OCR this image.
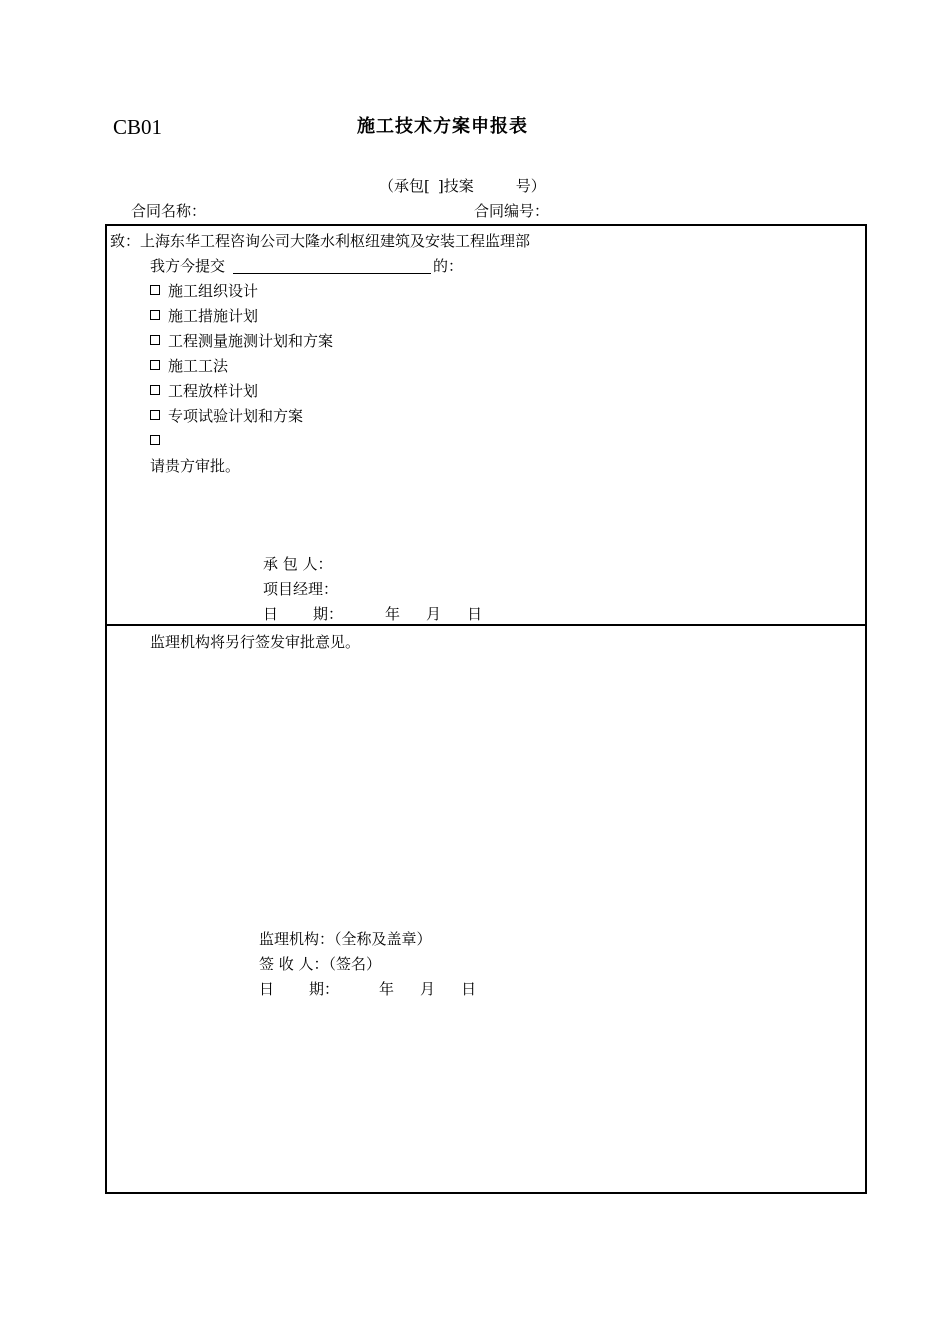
CB01	施工技术方案申报表
（承包[ ]技案	号）
合同名称：	合同编号：
致：上海东华工程咨询公司大隆水利枢纽建筑及安装工程监理部
我方今提交	的：
施工组织设计
施工措施计划
工程测量施测计划和方案
施工工法
工程放样计划
专项试验计划和方案
请贵方审批。
承 包 人：
项目经理：
日 期：	年 月 日
监理机构将另行签发审批意见。
监理机构：（全称及盖章）
签 收 人：（签名）
日 期：	年 月 日
